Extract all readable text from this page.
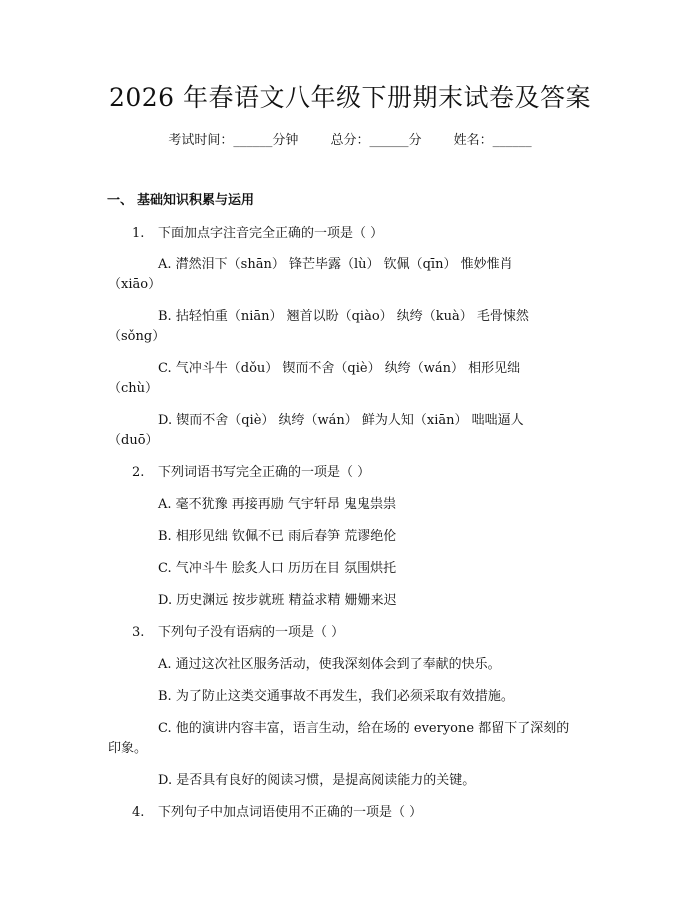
2026 年春语文八年级下册期末试卷及答案
考试时间：______分钟 总分：______分 姓名：______
一、 基础知识积累与运用
1. 下面加点字注音完全正确的一项是（ ）
A. 潸然泪下（shān） 锋芒毕露（lù） 钦佩（qīn） 惟妙惟肖
（xiāo）
B. 拈轻怕重（niān） 翘首以盼（qiào） 纨绔（kuà） 毛骨悚然
（sǒng）
C. 气冲斗牛（dǒu） 锲而不舍（qiè） 纨绔（wán） 相形见绌
（chù）
D. 锲而不舍（qiè） 纨绔（wán） 鲜为人知（xiān） 咄咄逼人
（duō）
2. 下列词语书写完全正确的一项是（ ）
A. 毫不犹豫 再接再励 气宇轩昂 鬼鬼祟祟
B. 相形见绌 钦佩不已 雨后春笋 荒谬绝伦
C. 气冲斗牛 脍炙人口 历历在目 氛围烘托
D. 历史渊远 按步就班 精益求精 姗姗来迟
3. 下列句子没有语病的一项是（ ）
A. 通过这次社区服务活动，使我深刻体会到了奉献的快乐。
B. 为了防止这类交通事故不再发生，我们必须采取有效措施。
C. 他的演讲内容丰富，语言生动，给在场的 everyone 都留下了深刻的
印象。
D. 是否具有良好的阅读习惯，是提高阅读能力的关键。
4. 下列句子中加点词语使用不正确的一项是（ ）
